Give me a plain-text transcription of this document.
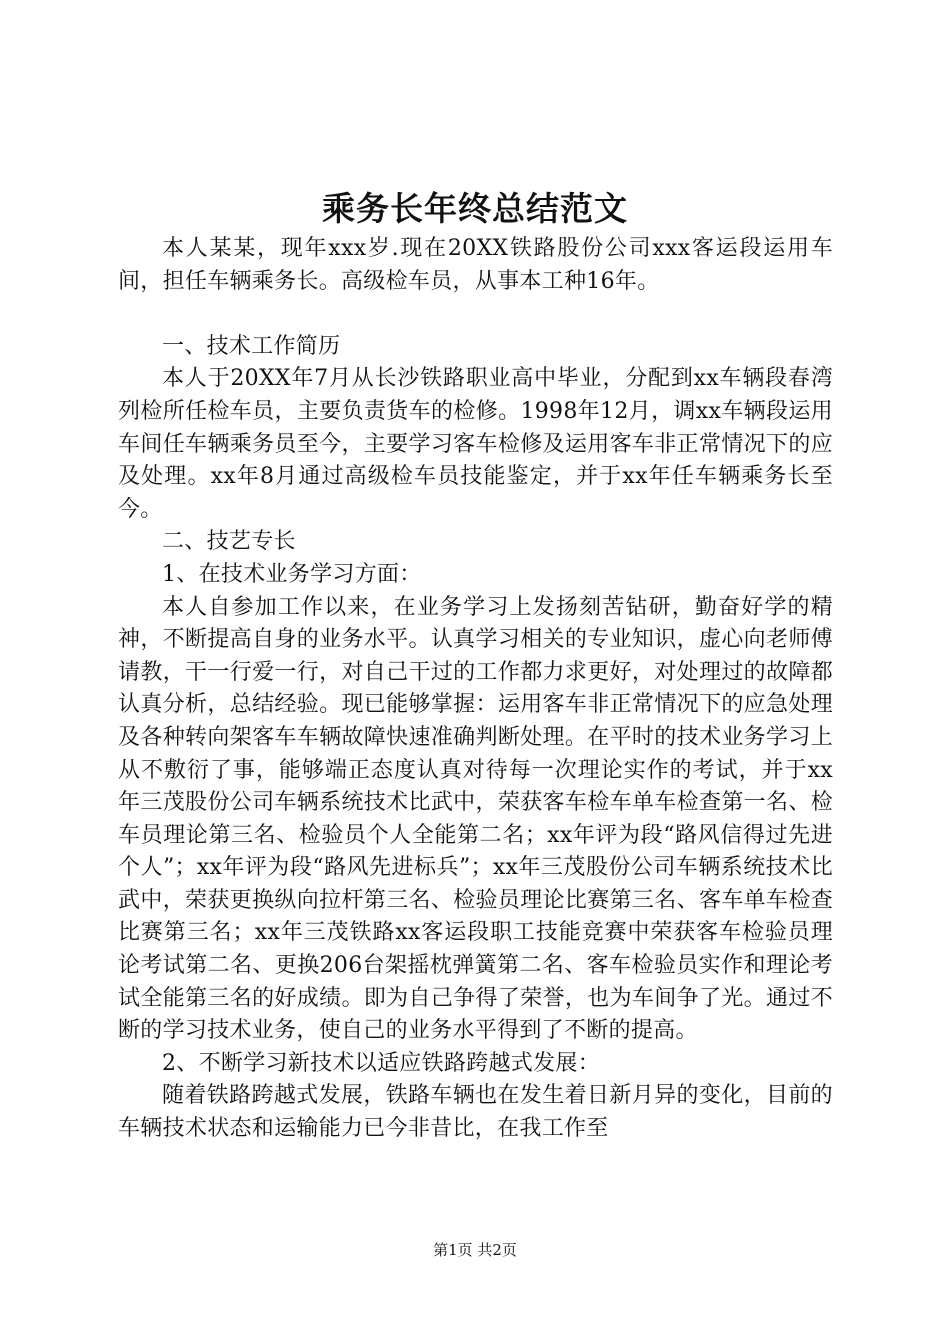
乘务长年终总结范文

本人某某，现年xxx岁.现在20XX铁路股份公司xxx客运段运用车间，担任车辆乘务长。高级检车员，从事本工种16年。

一、技术工作简历

本人于20XX年7月从长沙铁路职业高中毕业，分配到xx车辆段春湾列检所任检车员，主要负责货车的检修。1998年12月，调xx车辆段运用车间任车辆乘务员至今，主要学习客车检修及运用客车非正常情况下的应及处理。xx年8月通过高级检车员技能鉴定，并于xx年任车辆乘务长至今。

二、技艺专长

1、在技术业务学习方面：

本人自参加工作以来，在业务学习上发扬刻苦钻研，勤奋好学的精神，不断提高自身的业务水平。认真学习相关的专业知识，虚心向老师傅请教，干一行爱一行，对自己干过的工作都力求更好，对处理过的故障都认真分析，总结经验。现已能够掌握：运用客车非正常情况下的应急处理及各种转向架客车车辆故障快速准确判断处理。在平时的技术业务学习上从不敷衍了事，能够端正态度认真对待每一次理论实作的考试，并于xx年三茂股份公司车辆系统技术比武中，荣获客车检车单车检查第一名、检车员理论第三名、检验员个人全能第二名；xx年评为段“路风信得过先进个人”；xx年评为段“路风先进标兵”；xx年三茂股份公司车辆系统技术比武中，荣获更换纵向拉杆第三名、检验员理论比赛第三名、客车单车检查比赛第三名；xx年三茂铁路xx客运段职工技能竞赛中荣获客车检验员理论考试第二名、更换206台架摇枕弹簧第二名、客车检验员实作和理论考试全能第三名的好成绩。即为自己争得了荣誉，也为车间争了光。通过不断的学习技术业务，使自己的业务水平得到了不断的提高。

2、不断学习新技术以适应铁路跨越式发展：

随着铁路跨越式发展，铁路车辆也在发生着日新月异的变化，目前的车辆技术状态和运输能力已今非昔比，在我工作至

第1页 共2页
